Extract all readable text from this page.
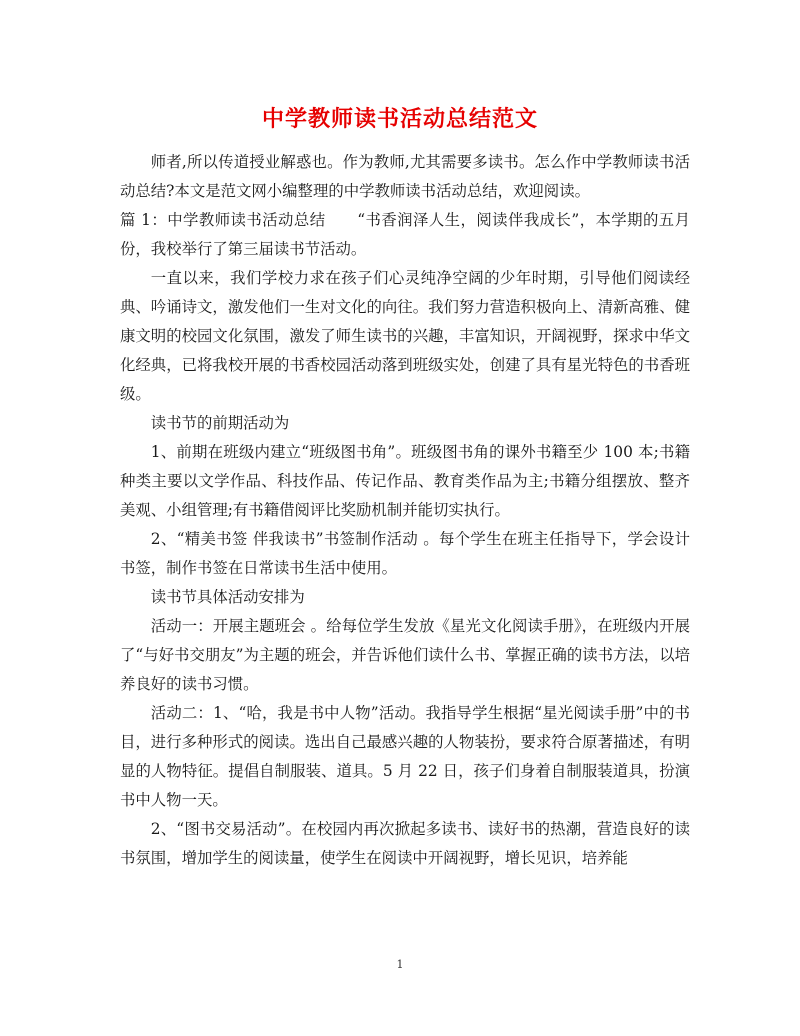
中学教师读书活动总结范文

师者,所以传道授业解惑也。作为教师,尤其需要多读书。怎么作中学教师读书活动总结?本文是范文网小编整理的中学教师读书活动总结，欢迎阅读。

篇 1：中学教师读书活动总结　　“书香润泽人生，阅读伴我成长”，本学期的五月份，我校举行了第三届读书节活动。

一直以来，我们学校力求在孩子们心灵纯净空阔的少年时期，引导他们阅读经典、吟诵诗文，激发他们一生对文化的向往。我们努力营造积极向上、清新高雅、健康文明的校园文化氛围，激发了师生读书的兴趣，丰富知识，开阔视野，探求中华文化经典，已将我校开展的书香校园活动落到班级实处，创建了具有星光特色的书香班级。

读书节的前期活动为

1、前期在班级内建立“班级图书角”。班级图书角的课外书籍至少 100 本;书籍种类主要以文学作品、科技作品、传记作品、教育类作品为主;书籍分组摆放、整齐美观、小组管理;有书籍借阅评比奖励机制并能切实执行。

2、“精美书签 伴我读书”书签制作活动 。每个学生在班主任指导下，学会设计书签，制作书签在日常读书生活中使用。

读书节具体活动安排为

活动一：开展主题班会 。给每位学生发放《星光文化阅读手册》，在班级内开展了“与好书交朋友”为主题的班会，并告诉他们读什么书、掌握正确的读书方法，以培养良好的读书习惯。

活动二：1、“哈，我是书中人物”活动。我指导学生根据“星光阅读手册”中的书目，进行多种形式的阅读。选出自己最感兴趣的人物装扮，要求符合原著描述，有明显的人物特征。提倡自制服装、道具。5 月 22 日，孩子们身着自制服装道具，扮演书中人物一天。

2、“图书交易活动”。在校园内再次掀起多读书、读好书的热潮，营造良好的读书氛围，增加学生的阅读量，使学生在阅读中开阔视野，增长见识，培养能

1
